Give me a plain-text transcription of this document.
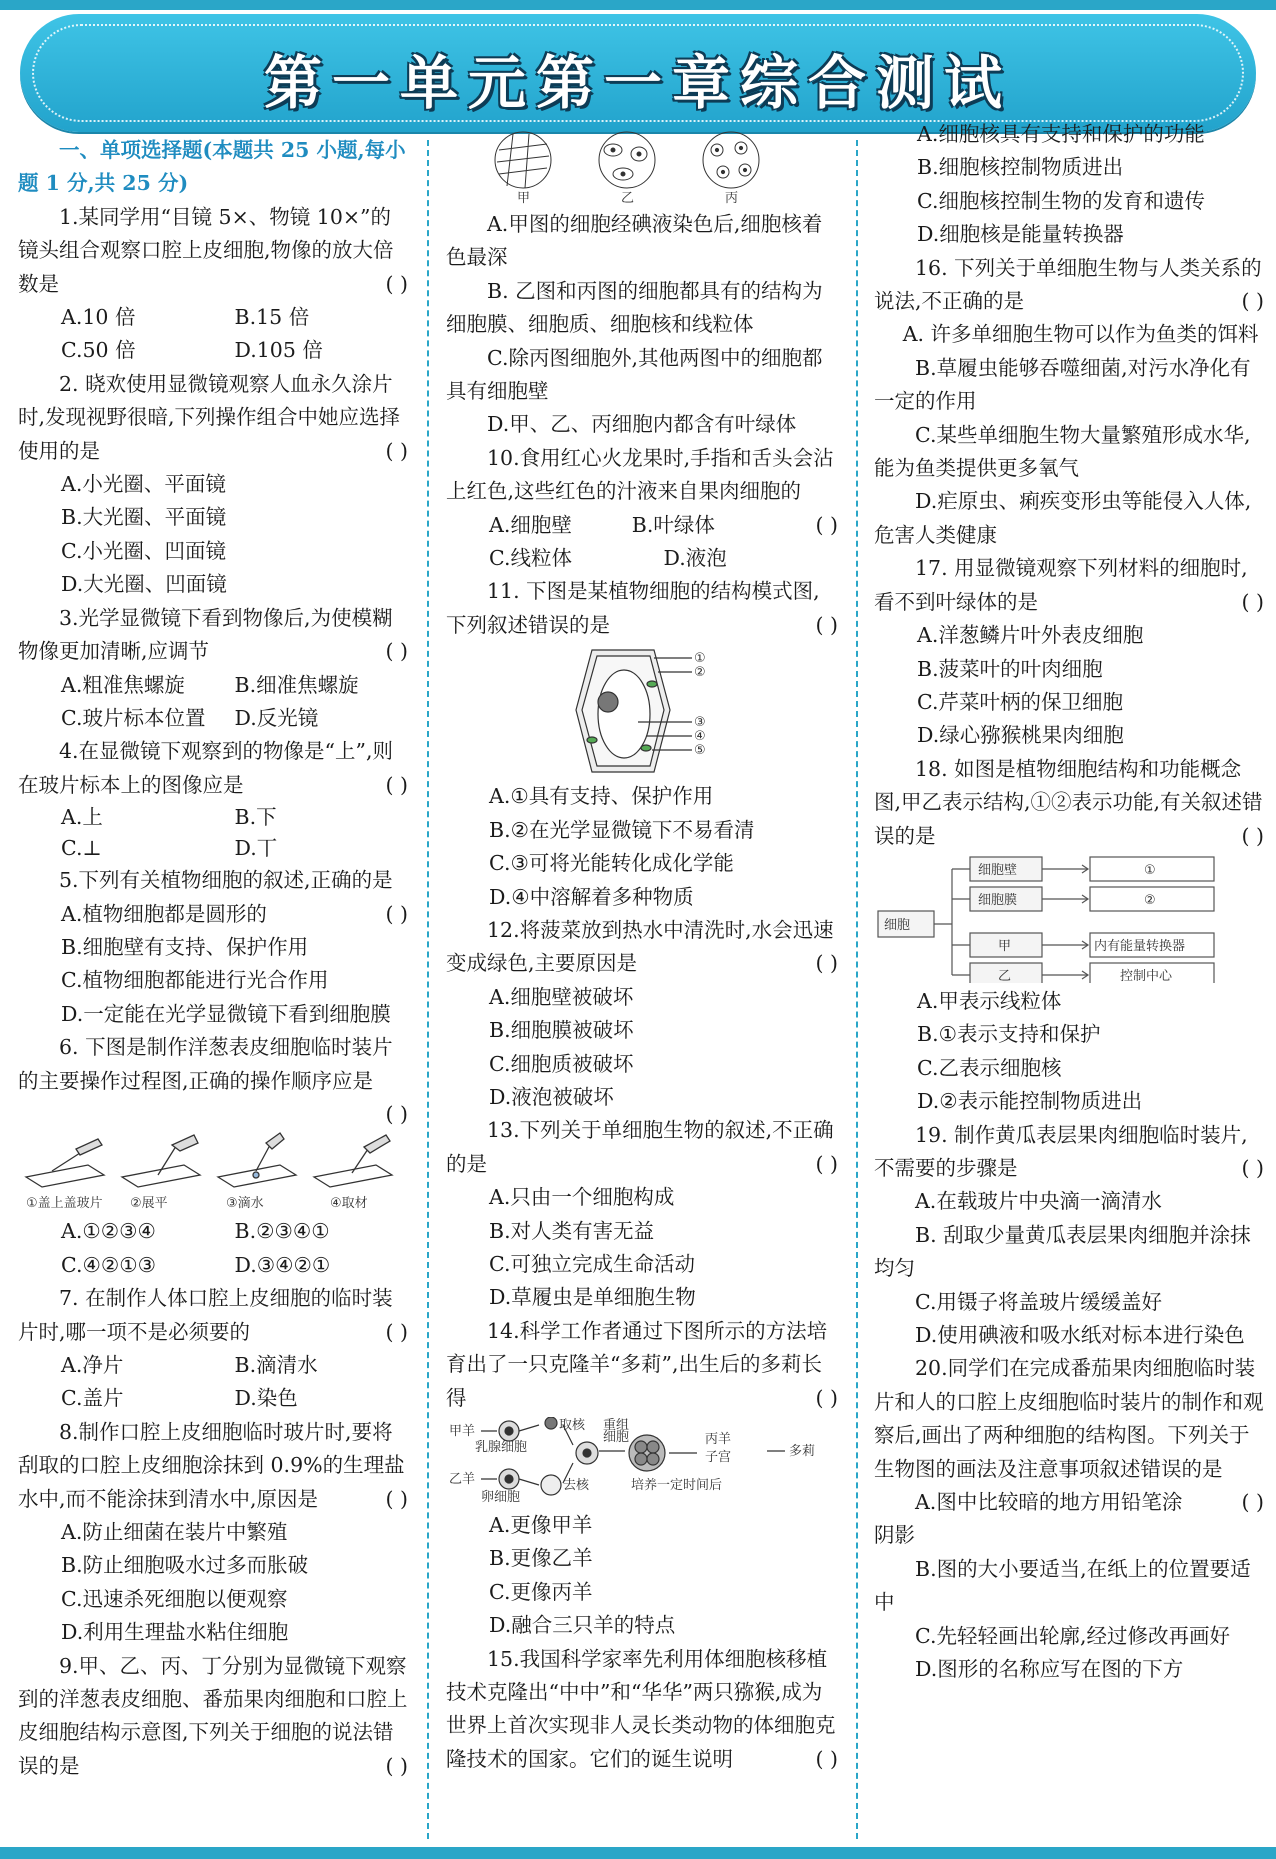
第一单元第一章综合测试

一、单项选择题(本题共 25 小题,每小题 1 分,共 25 分)

1.某同学用“目镜 5×、物镜 10×”的镜头组合观察口腔上皮细胞,物像的放大倍数是	( )

A.10 倍	B.15 倍

C.50 倍	D.105 倍

2. 晓欢使用显微镜观察人血永久涂片时,发现视野很暗,下列操作组合中她应选择使用的是	( )

A.小光圈、平面镜

B.大光圈、平面镜

C.小光圈、凹面镜

D.大光圈、凹面镜

3.光学显微镜下看到物像后,为使模糊物像更加清晰,应调节	( )

A.粗准焦螺旋	B.细准焦螺旋

C.玻片标本位置	D.反光镜

4.在显微镜下观察到的物像是“上”,则在玻片标本上的图像应是	( )

A.上	B.下

C.⊥	D.丅

5.下列有关植物细胞的叙述,正确的是
( )

A.植物细胞都是圆形的

B.细胞壁有支持、保护作用

C.植物细胞都能进行光合作用

D.一定能在光学显微镜下看到细胞膜

6. 下图是制作洋葱表皮细胞临时装片的主要操作过程图,正确的操作顺序应是
( )

①盖上盖玻片 ②展平	③滴水	④取材

A.①②③④	B.②③④①

C.④②①③	D.③④②①

7. 在制作人体口腔上皮细胞的临时装片时,哪一项不是必须要的	( )

A.净片	B.滴清水

C.盖片	D.染色

8.制作口腔上皮细胞临时玻片时,要将刮取的口腔上皮细胞涂抹到 0.9%的生理盐水中,而不能涂抹到清水中,原因是	( )

A.防止细菌在装片中繁殖

B.防止细胞吸水过多而胀破

C.迅速杀死细胞以便观察

D.利用生理盐水粘住细胞

9.甲、乙、丙、丁分别为显微镜下观察到的洋葱表皮细胞、番茄果肉细胞和口腔上皮细胞结构示意图,下列关于细胞的说法错误的是	( )

甲	乙	丙

A.甲图的细胞经碘液染色后,细胞核着色最深

B. 乙图和丙图的细胞都具有的结构为细胞膜、细胞质、细胞核和线粒体

C.除丙图细胞外,其他两图中的细胞都具有细胞壁

D.甲、乙、丙细胞内都含有叶绿体

10.食用红心火龙果时,手指和舌头会沾上红色,这些红色的汁液来自果肉细胞的
( )

A.细胞壁	B.叶绿体

C.线粒体	D.液泡

11. 下图是某植物细胞的结构模式图,下列叙述错误的是	( )

①
②
③
④
⑤

A.①具有支持、保护作用

B.②在光学显微镜下不易看清

C.③可将光能转化成化学能

D.④中溶解着多种物质

12.将菠菜放到热水中清洗时,水会迅速变成绿色,主要原因是	( )

A.细胞壁被破坏

B.细胞膜被破坏

C.细胞质被破坏

D.液泡被破坏

13.下列关于单细胞生物的叙述,不正确的是	( )

A.只由一个细胞构成

B.对人类有害无益

C.可独立完成生命活动

D.草履虫是单细胞生物

14.科学工作者通过下图所示的方法培育出了一只克隆羊“多莉”,出生后的多莉长得	( )

甲羊
乙羊
乳腺细胞
卵细胞
取核
去核
重组
细胞
培养一定时间后
丙羊
子宫	多莉

A.更像甲羊

B.更像乙羊

C.更像丙羊

D.融合三只羊的特点

15.我国科学家率先利用体细胞核移植技术克隆出“中中”和“华华”两只猕猴,成为世界上首次实现非人灵长类动物的体细胞克隆技术的国家。它们的诞生说明	( )

A.细胞核具有支持和保护的功能

B.细胞核控制物质进出

C.细胞核控制生物的发育和遗传

D.细胞核是能量转换器

16. 下列关于单细胞生物与人类关系的说法,不正确的是	( )

A. 许多单细胞生物可以作为鱼类的饵料

B.草履虫能够吞噬细菌,对污水净化有一定的作用

C.某些单细胞生物大量繁殖形成水华,能为鱼类提供更多氧气

D.疟原虫、痢疾变形虫等能侵入人体,危害人类健康

17. 用显微镜观察下列材料的细胞时,看不到叶绿体的是	( )

A.洋葱鳞片叶外表皮细胞

B.菠菜叶的叶肉细胞

C.芹菜叶柄的保卫细胞

D.绿心猕猴桃果肉细胞

18. 如图是植物细胞结构和功能概念图,甲乙表示结构,①②表示功能,有关叙述错误的是	( )

细胞
细胞壁
细胞膜
甲
乙
①
②
内有能量转换器
控制中心

A.甲表示线粒体

B.①表示支持和保护

C.乙表示细胞核

D.②表示能控制物质进出

19. 制作黄瓜表层果肉细胞临时装片,不需要的步骤是	( )

A.在载玻片中央滴一滴清水

B. 刮取少量黄瓜表层果肉细胞并涂抹均匀

C.用镊子将盖玻片缓缓盖好

D.使用碘液和吸水纸对标本进行染色

20.同学们在完成番茄果肉细胞临时装片和人的口腔上皮细胞临时装片的制作和观察后,画出了两种细胞的结构图。下列关于生物图的画法及注意事项叙述错误的是
( )

A.图中比较暗的地方用铅笔涂阴影

B.图的大小要适当,在纸上的位置要适中

C.先轻轻画出轮廓,经过修改再画好

D.图形的名称应写在图的下方
